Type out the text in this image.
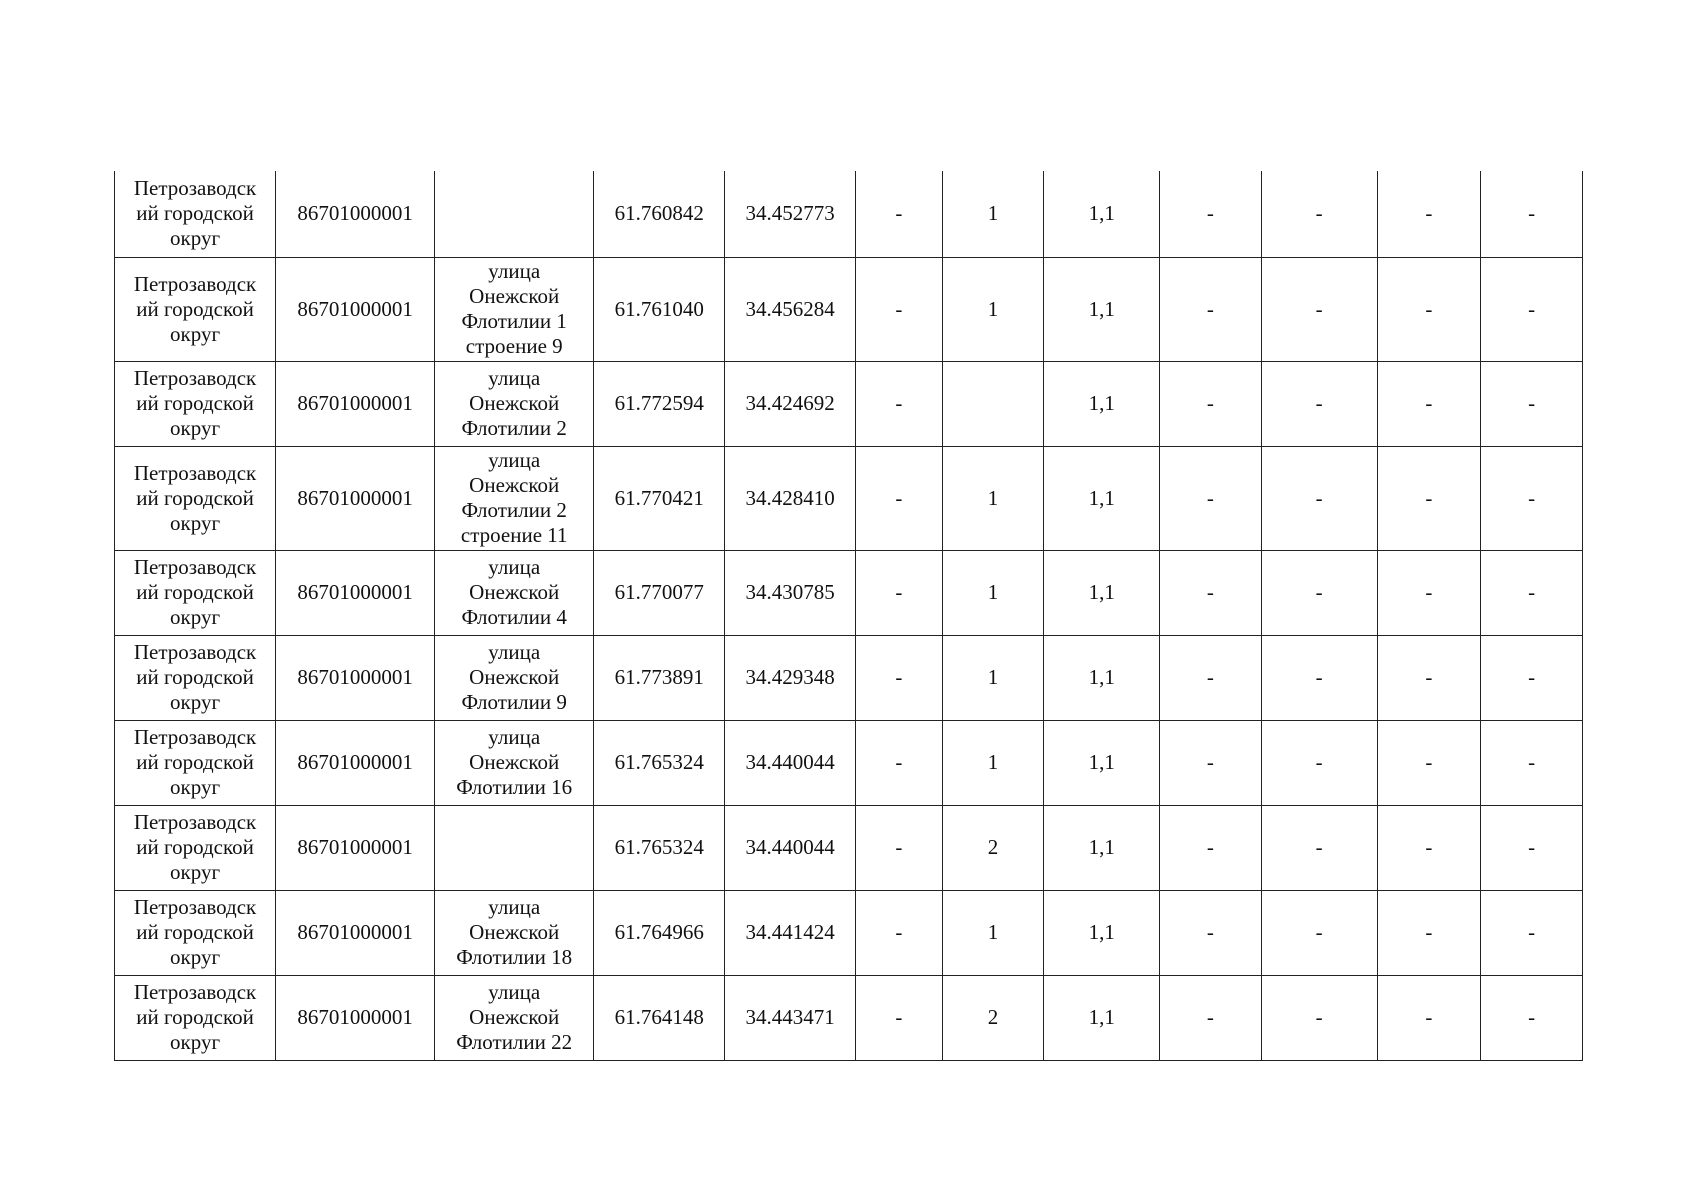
Петрозаводск
ий городской
округ	86701000001		61.760842	34.452773	-	1	1,1	-	-	-	-
Петрозаводск
ий городской
округ	86701000001	улица
Онежской
Флотилии 1
строение 9	61.761040	34.456284	-	1	1,1	-	-	-	-
Петрозаводск
ий городской
округ	86701000001	улица
Онежской
Флотилии 2	61.772594	34.424692	-		1,1	-	-	-	-
Петрозаводск
ий городской
округ	86701000001	улица
Онежской
Флотилии 2
строение 11	61.770421	34.428410	-	1	1,1	-	-	-	-
Петрозаводск
ий городской
округ	86701000001	улица
Онежской
Флотилии 4	61.770077	34.430785	-	1	1,1	-	-	-	-
Петрозаводск
ий городской
округ	86701000001	улица
Онежской
Флотилии 9	61.773891	34.429348	-	1	1,1	-	-	-	-
Петрозаводск
ий городской
округ	86701000001	улица
Онежской
Флотилии 16	61.765324	34.440044	-	1	1,1	-	-	-	-
Петрозаводск
ий городской
округ	86701000001		61.765324	34.440044	-	2	1,1	-	-	-	-
Петрозаводск
ий городской
округ	86701000001	улица
Онежской
Флотилии 18	61.764966	34.441424	-	1	1,1	-	-	-	-
Петрозаводск
ий городской
округ	86701000001	улица
Онежской
Флотилии 22	61.764148	34.443471	-	2	1,1	-	-	-	-
